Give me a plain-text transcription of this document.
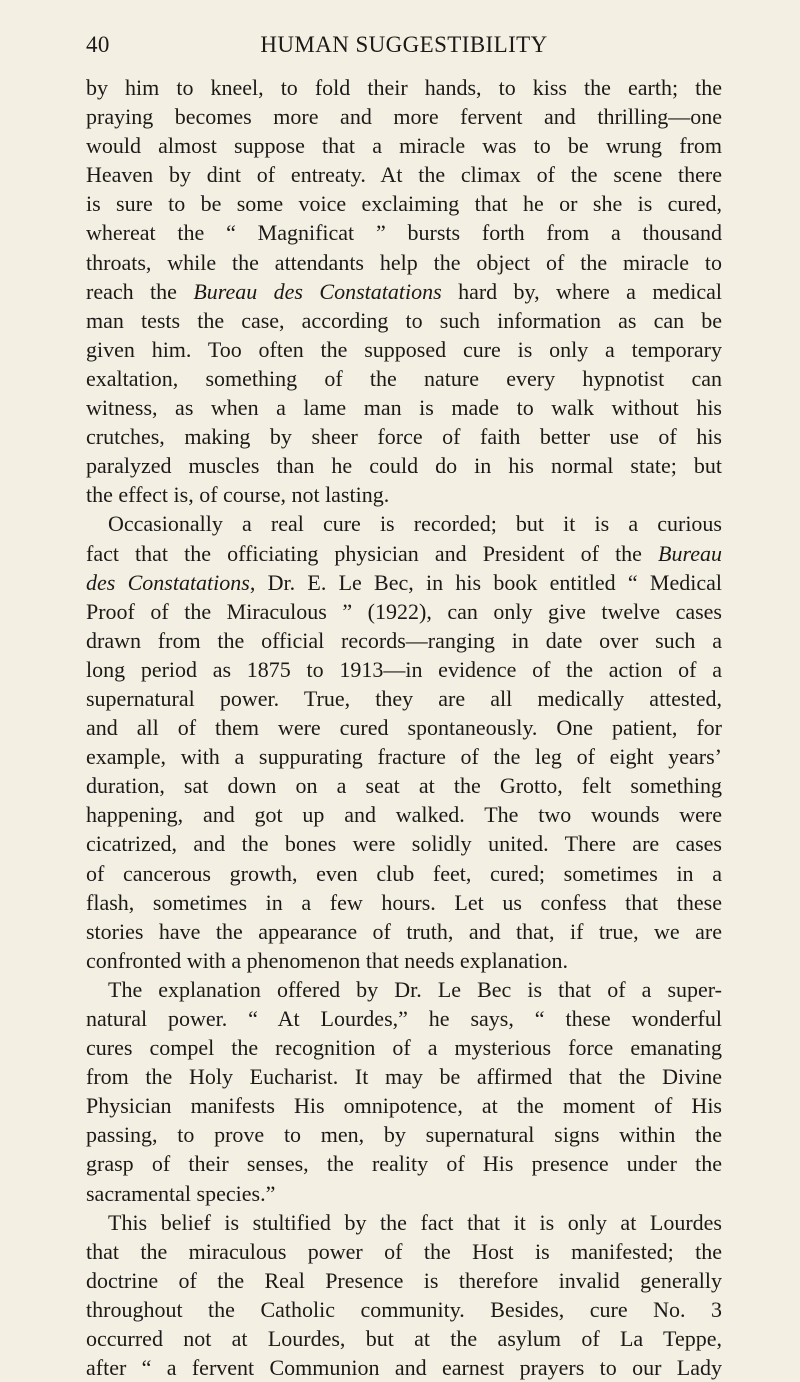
40	HUMAN SUGGESTIBILITY
by him to kneel, to fold their hands, to kiss the earth; the
praying becomes more and more fervent and thrilling—one
would almost suppose that a miracle was to be wrung from
Heaven by dint of entreaty. At the climax of the scene there
is sure to be some voice exclaiming that he or she is cured,
whereat the “ Magnificat ” bursts forth from a thousand
throats, while the attendants help the object of the miracle to
reach the Bureau des Constatations hard by, where a medical
man tests the case, according to such information as can be
given him. Too often the supposed cure is only a temporary
exaltation, something of the nature every hypnotist can
witness, as when a lame man is made to walk without his
crutches, making by sheer force of faith better use of his
paralyzed muscles than he could do in his normal state; but
the effect is, of course, not lasting.
Occasionally a real cure is recorded; but it is a curious
fact that the officiating physician and President of the Bureau
des Constatations, Dr. E. Le Bec, in his book entitled “ Medical
Proof of the Miraculous ” (1922), can only give twelve cases
drawn from the official records—ranging in date over such a
long period as 1875 to 1913—in evidence of the action of a
supernatural power. True, they are all medically attested,
and all of them were cured spontaneously. One patient, for
example, with a suppurating fracture of the leg of eight years’
duration, sat down on a seat at the Grotto, felt something
happening, and got up and walked. The two wounds were
cicatrized, and the bones were solidly united. There are cases
of cancerous growth, even club feet, cured; sometimes in a
flash, sometimes in a few hours. Let us confess that these
stories have the appearance of truth, and that, if true, we are
confronted with a phenomenon that needs explanation.
The explanation offered by Dr. Le Bec is that of a super-
natural power. “ At Lourdes,” he says, “ these wonderful
cures compel the recognition of a mysterious force emanating
from the Holy Eucharist. It may be affirmed that the Divine
Physician manifests His omnipotence, at the moment of His
passing, to prove to men, by supernatural signs within the
grasp of their senses, the reality of His presence under the
sacramental species.”
This belief is stultified by the fact that it is only at Lourdes
that the miraculous power of the Host is manifested; the
doctrine of the Real Presence is therefore invalid generally
throughout the Catholic community. Besides, cure No. 3
occurred not at Lourdes, but at the asylum of La Teppe,
after “ a fervent Communion and earnest prayers to our Lady
